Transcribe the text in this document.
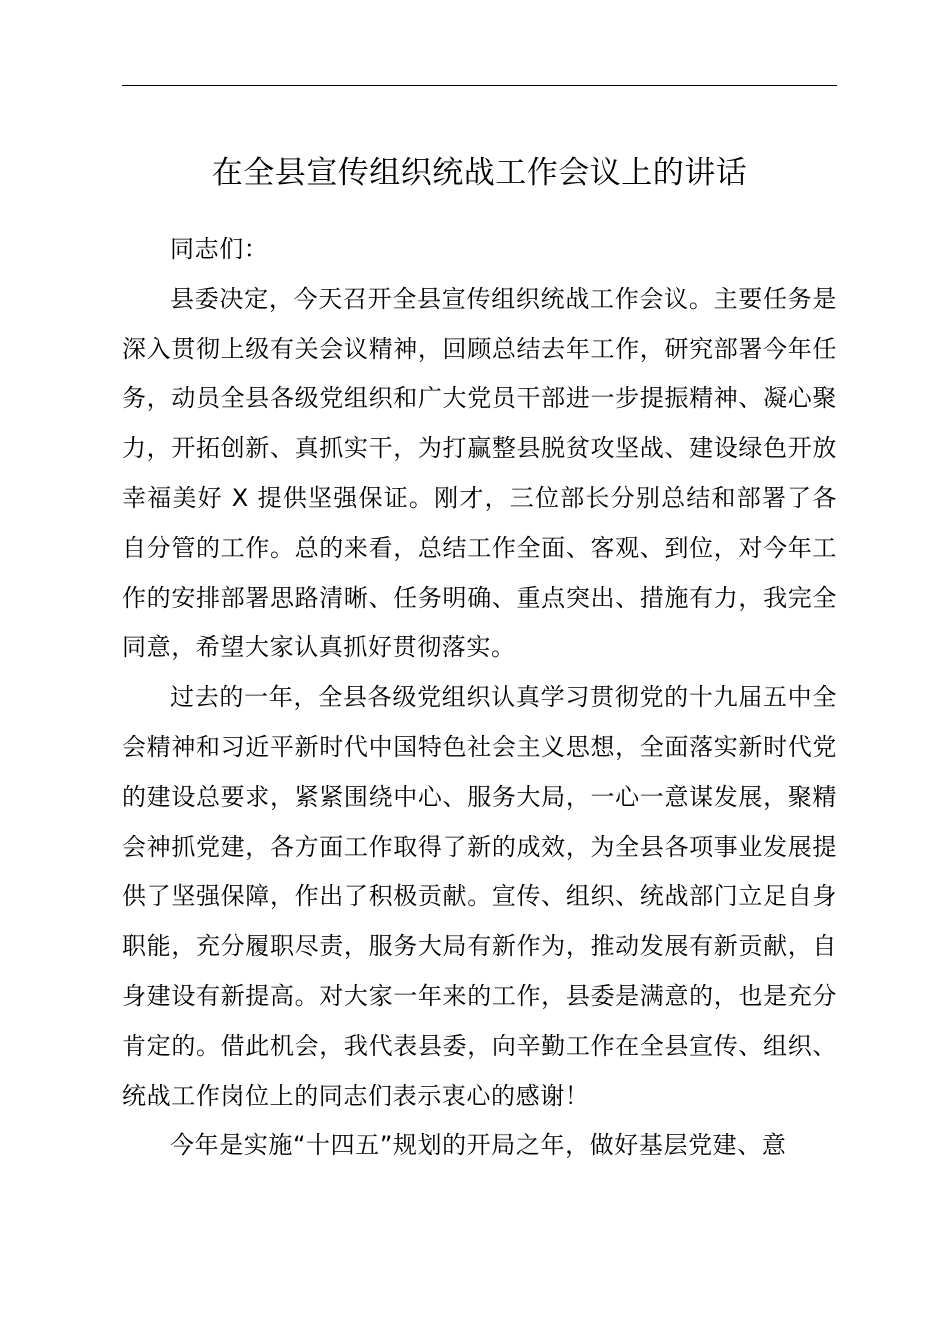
在全县宣传组织统战工作会议上的讲话

同志们：

县委决定，今天召开全县宣传组织统战工作会议。主要任务是深入贯彻上级有关会议精神，回顾总结去年工作，研究部署今年任务，动员全县各级党组织和广大党员干部进一步提振精神、凝心聚力，开拓创新、真抓实干，为打赢整县脱贫攻坚战、建设绿色开放幸福美好 X 提供坚强保证。刚才，三位部长分别总结和部署了各自分管的工作。总的来看，总结工作全面、客观、到位，对今年工作的安排部署思路清晰、任务明确、重点突出、措施有力，我完全同意，希望大家认真抓好贯彻落实。

过去的一年，全县各级党组织认真学习贯彻党的十九届五中全会精神和习近平新时代中国特色社会主义思想，全面落实新时代党的建设总要求，紧紧围绕中心、服务大局，一心一意谋发展，聚精会神抓党建，各方面工作取得了新的成效，为全县各项事业发展提供了坚强保障，作出了积极贡献。宣传、组织、统战部门立足自身职能，充分履职尽责，服务大局有新作为，推动发展有新贡献，自身建设有新提高。对大家一年来的工作，县委是满意的，也是充分肯定的。借此机会，我代表县委，向辛勤工作在全县宣传、组织、统战工作岗位上的同志们表示衷心的感谢！

今年是实施“十四五”规划的开局之年，做好基层党建、意
